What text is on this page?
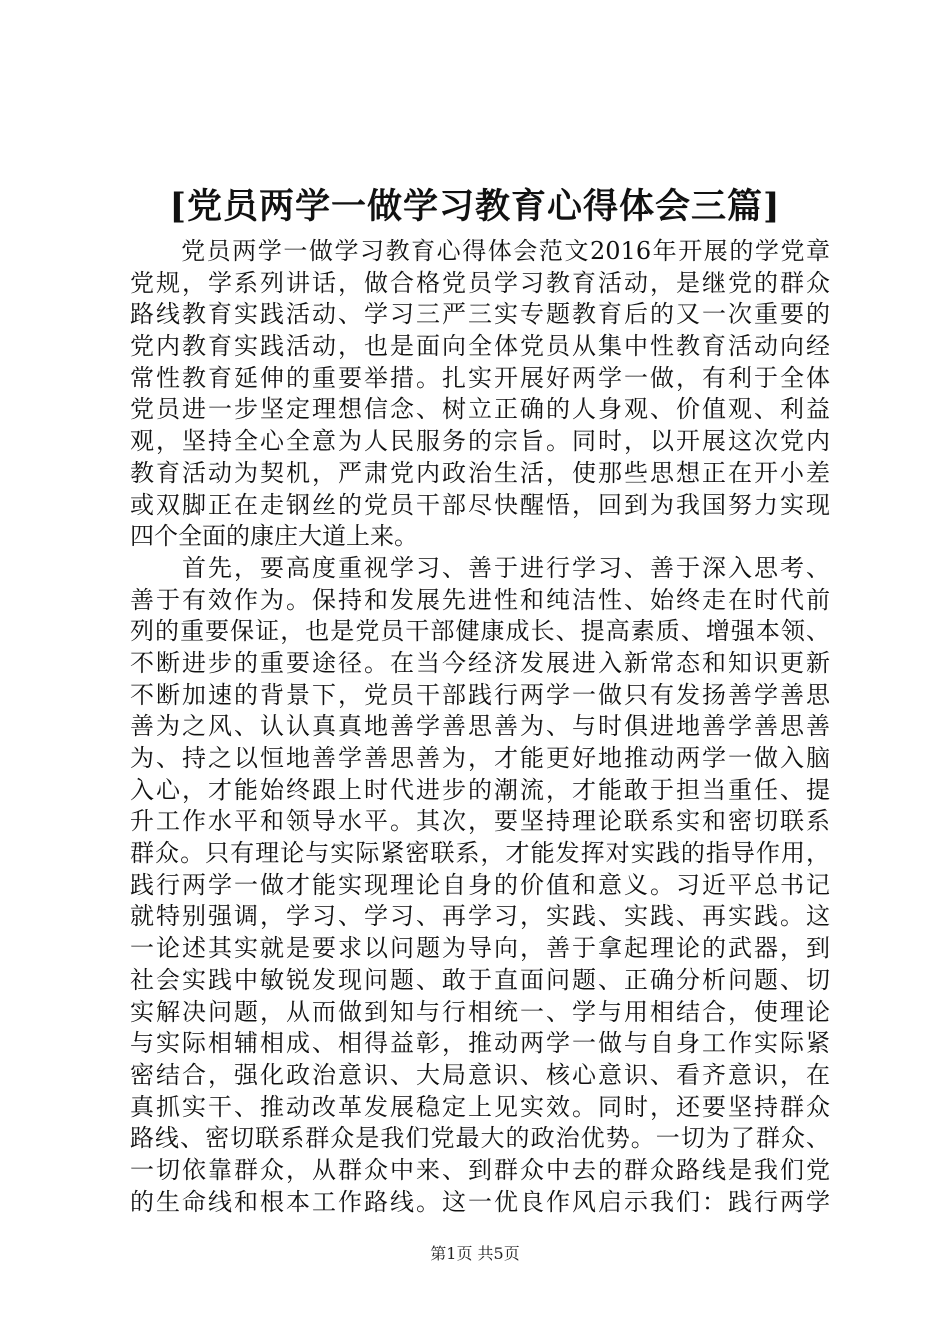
[党员两学一做学习教育心得体会三篇]
　　党员两学一做学习教育心得体会范文2016年开展的学党章
党规，学系列讲话，做合格党员学习教育活动，是继党的群众
路线教育实践活动、学习三严三实专题教育后的又一次重要的
党内教育实践活动，也是面向全体党员从集中性教育活动向经
常性教育延伸的重要举措。扎实开展好两学一做，有利于全体
党员进一步坚定理想信念、树立正确的人身观、价值观、利益
观，坚持全心全意为人民服务的宗旨。同时，以开展这次党内
教育活动为契机，严肃党内政治生活，使那些思想正在开小差
或双脚正在走钢丝的党员干部尽快醒悟，回到为我国努力实现
四个全面的康庄大道上来。
　　首先，要高度重视学习、善于进行学习、善于深入思考、
善于有效作为。保持和发展先进性和纯洁性、始终走在时代前
列的重要保证，也是党员干部健康成长、提高素质、增强本领、
不断进步的重要途径。在当今经济发展进入新常态和知识更新
不断加速的背景下，党员干部践行两学一做只有发扬善学善思
善为之风、认认真真地善学善思善为、与时俱进地善学善思善
为、持之以恒地善学善思善为，才能更好地推动两学一做入脑
入心，才能始终跟上时代进步的潮流，才能敢于担当重任、提
升工作水平和领导水平。其次，要坚持理论联系实和密切联系
群众。只有理论与实际紧密联系，才能发挥对实践的指导作用，
践行两学一做才能实现理论自身的价值和意义。习近平总书记
就特别强调，学习、学习、再学习，实践、实践、再实践。这
一论述其实就是要求以问题为导向，善于拿起理论的武器，到
社会实践中敏锐发现问题、敢于直面问题、正确分析问题、切
实解决问题，从而做到知与行相统一、学与用相结合，使理论
与实际相辅相成、相得益彰，推动两学一做与自身工作实际紧
密结合，强化政治意识、大局意识、核心意识、看齐意识，在
真抓实干、推动改革发展稳定上见实效。同时，还要坚持群众
路线、密切联系群众是我们党最大的政治优势。一切为了群众、
一切依靠群众，从群众中来、到群众中去的群众路线是我们党
的生命线和根本工作路线。这一优良作风启示我们：践行两学
第1页 共5页
